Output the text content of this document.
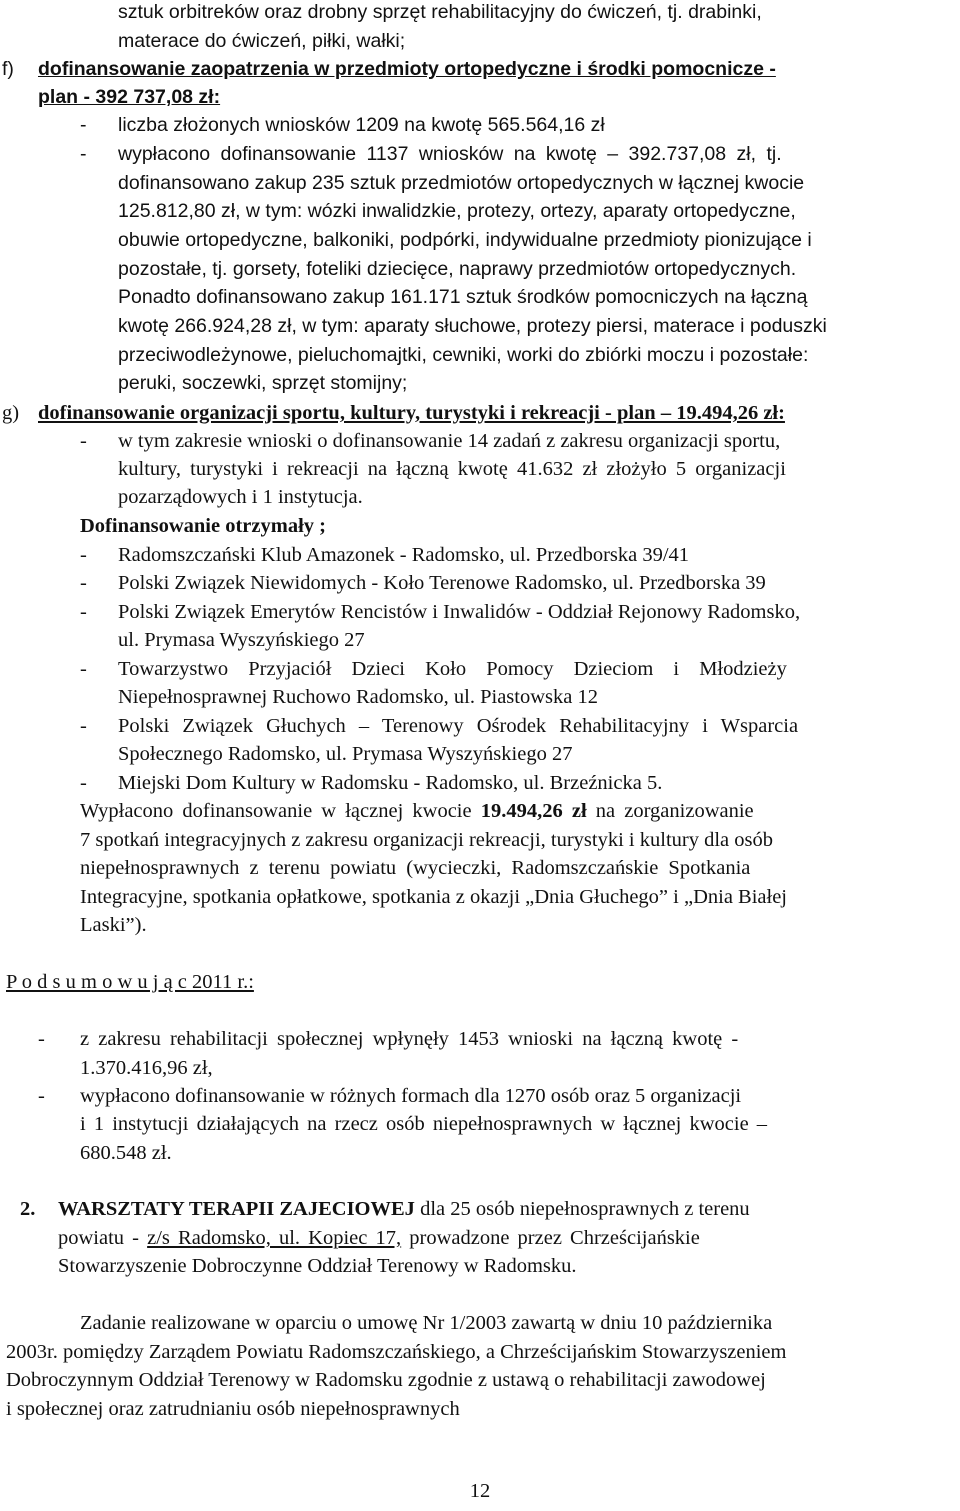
sztuk orbitreków oraz drobny sprzęt rehabilitacyjny do ćwiczeń, tj. drabinki,
materace do ćwiczeń, piłki, wałki;
f) dofinansowanie zaopatrzenia w przedmioty ortopedyczne i środki pomocnicze -
plan - 392 737,08 zł:
- liczba złożonych wniosków 1209 na kwotę 565.564,16 zł
- wypłacono dofinansowanie 1137 wniosków na kwotę – 392.737,08 zł, tj.
dofinansowano zakup 235 sztuk przedmiotów ortopedycznych w łącznej kwocie
125.812,80 zł, w tym: wózki inwalidzkie, protezy, ortezy, aparaty ortopedyczne,
obuwie ortopedyczne, balkoniki, podpórki, indywidualne przedmioty pionizujące i
pozostałe, tj. gorsety, foteliki dziecięce, naprawy przedmiotów ortopedycznych.
Ponadto dofinansowano zakup 161.171 sztuk środków pomocniczych na łączną
kwotę 266.924,28 zł, w tym: aparaty słuchowe, protezy piersi, materace i poduszki
przeciwodleżynowe, pieluchomajtki, cewniki, worki do zbiórki moczu i pozostałe:
peruki, soczewki, sprzęt stomijny;
g) dofinansowanie organizacji sportu, kultury, turystyki i rekreacji - plan – 19.494,26 zł:
- w tym zakresie wnioski o dofinansowanie 14 zadań z zakresu organizacji sportu,
kultury, turystyki i rekreacji na łączną kwotę 41.632 zł złożyło 5 organizacji
pozarządowych i 1 instytucja.
Dofinansowanie otrzymały ;
- Radomszczański Klub Amazonek - Radomsko, ul. Przedborska 39/41
- Polski Związek Niewidomych - Koło Terenowe Radomsko, ul. Przedborska 39
- Polski Związek Emerytów Rencistów i Inwalidów - Oddział Rejonowy Radomsko,
ul. Prymasa Wyszyńskiego 27
- Towarzystwo Przyjaciół Dzieci Koło Pomocy Dzieciom i Młodzieży
Niepełnosprawnej Ruchowo Radomsko, ul. Piastowska 12
- Polski Związek Głuchych – Terenowy Ośrodek Rehabilitacyjny i Wsparcia
Społecznego Radomsko, ul. Prymasa Wyszyńskiego 27
- Miejski Dom Kultury w Radomsku - Radomsko, ul. Brzeźnicka 5.
Wypłacono dofinansowanie w łącznej kwocie 19.494,26 zł na zorganizowanie
7 spotkań integracyjnych z zakresu organizacji rekreacji, turystyki i kultury dla osób
niepełnosprawnych z terenu powiatu (wycieczki, Radomszczańskie Spotkania
Integracyjne, spotkania opłatkowe, spotkania z okazji „Dnia Głuchego” i „Dnia Białej
Laski”).
P o d s u m o w u j ą c 2011 r.:
- z zakresu rehabilitacji społecznej wpłynęły 1453 wnioski na łączną kwotę -
1.370.416,96 zł,
- wypłacono dofinansowanie w różnych formach dla 1270 osób oraz 5 organizacji
i 1 instytucji działających na rzecz osób niepełnosprawnych w łącznej kwocie –
680.548 zł.
2. WARSZTATY TERAPII ZAJECIOWEJ dla 25 osób niepełnosprawnych z terenu
powiatu - z/s Radomsko, ul. Kopiec 17, prowadzone przez Chrześcijańskie
Stowarzyszenie Dobroczynne Oddział Terenowy w Radomsku.
Zadanie realizowane w oparciu o umowę Nr 1/2003 zawartą w dniu 10 października
2003r. pomiędzy Zarządem Powiatu Radomszczańskiego, a Chrześcijańskim Stowarzyszeniem
Dobroczynnym Oddział Terenowy w Radomsku zgodnie z ustawą o rehabilitacji zawodowej
i społecznej oraz zatrudnianiu osób niepełnosprawnych
12
